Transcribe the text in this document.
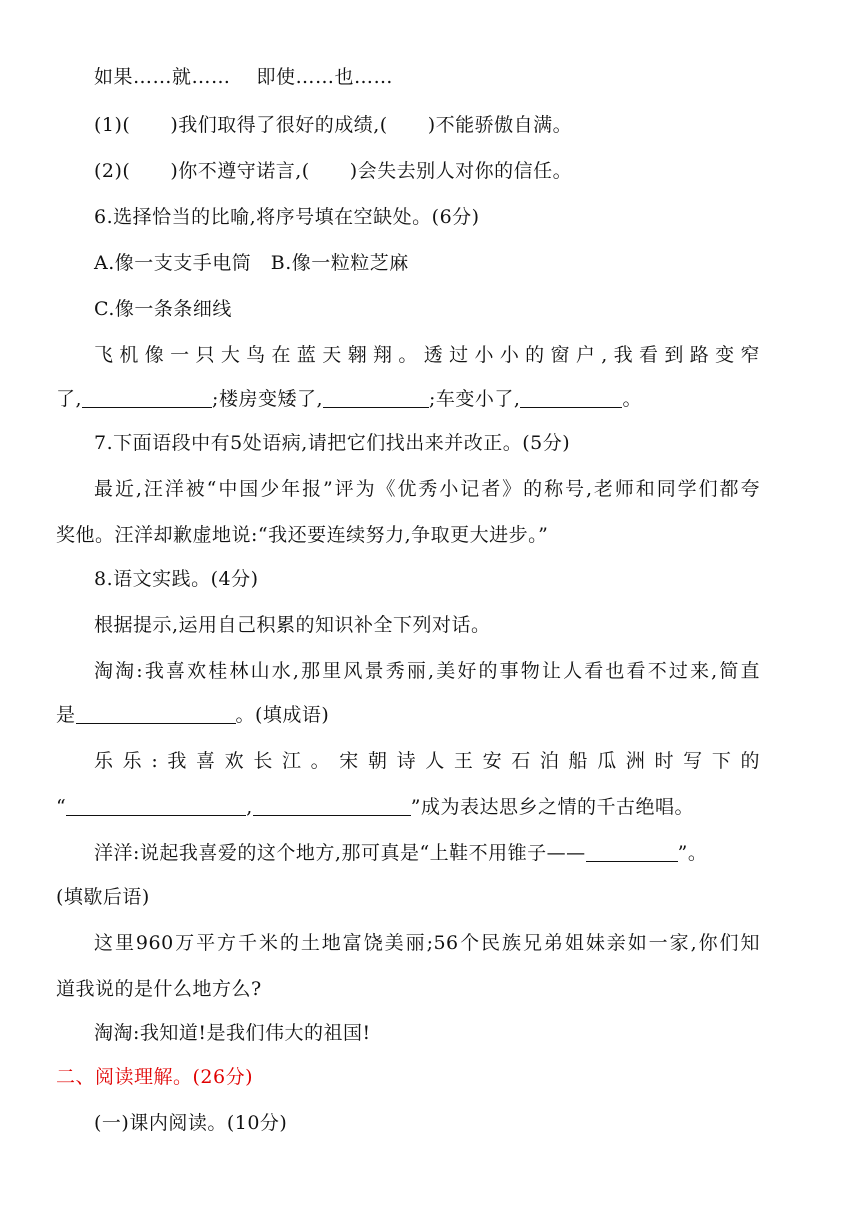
如果……就……　 即使……也……
(1)( )我们取得了很好的成绩,( )不能骄傲自满。
(2)( )你不遵守诺言,( )会失去别人对你的信任。
6.选择恰当的比喻,将序号填在空缺处。(6分)
A.像一支支手电筒　B.像一粒粒芝麻
C.像一条条细线
飞机像一只大鸟在蓝天翱翔。透过小小的窗户,我看到路变窄
了,	;楼房变矮了,	;车变小了,	。
7.下面语段中有5处语病,请把它们找出来并改正。(5分)
最近,汪洋被“中国少年报”评为《优秀小记者》的称号,老师和同学们都夸
奖他。汪洋却歉虚地说:“我还要连续努力,争取更大进步。”
8.语文实践。(4分)
根据提示,运用自己积累的知识补全下列对话。
淘淘:我喜欢桂林山水,那里风景秀丽,美好的事物让人看也看不过来,简直
是	。(填成语)
乐乐:我喜欢长江。宋朝诗人王安石泊船瓜洲时写下的
“	,	”成为表达思乡之情的千古绝唱。
洋洋:说起我喜爱的这个地方,那可真是“上鞋不用锥子——	”。
(填歇后语)
这里960万平方千米的土地富饶美丽;56个民族兄弟姐妹亲如一家,你们知
道我说的是什么地方么?
淘淘:我知道!是我们伟大的祖国!
二、阅读理解。(26分)
(一)课内阅读。(10分)
